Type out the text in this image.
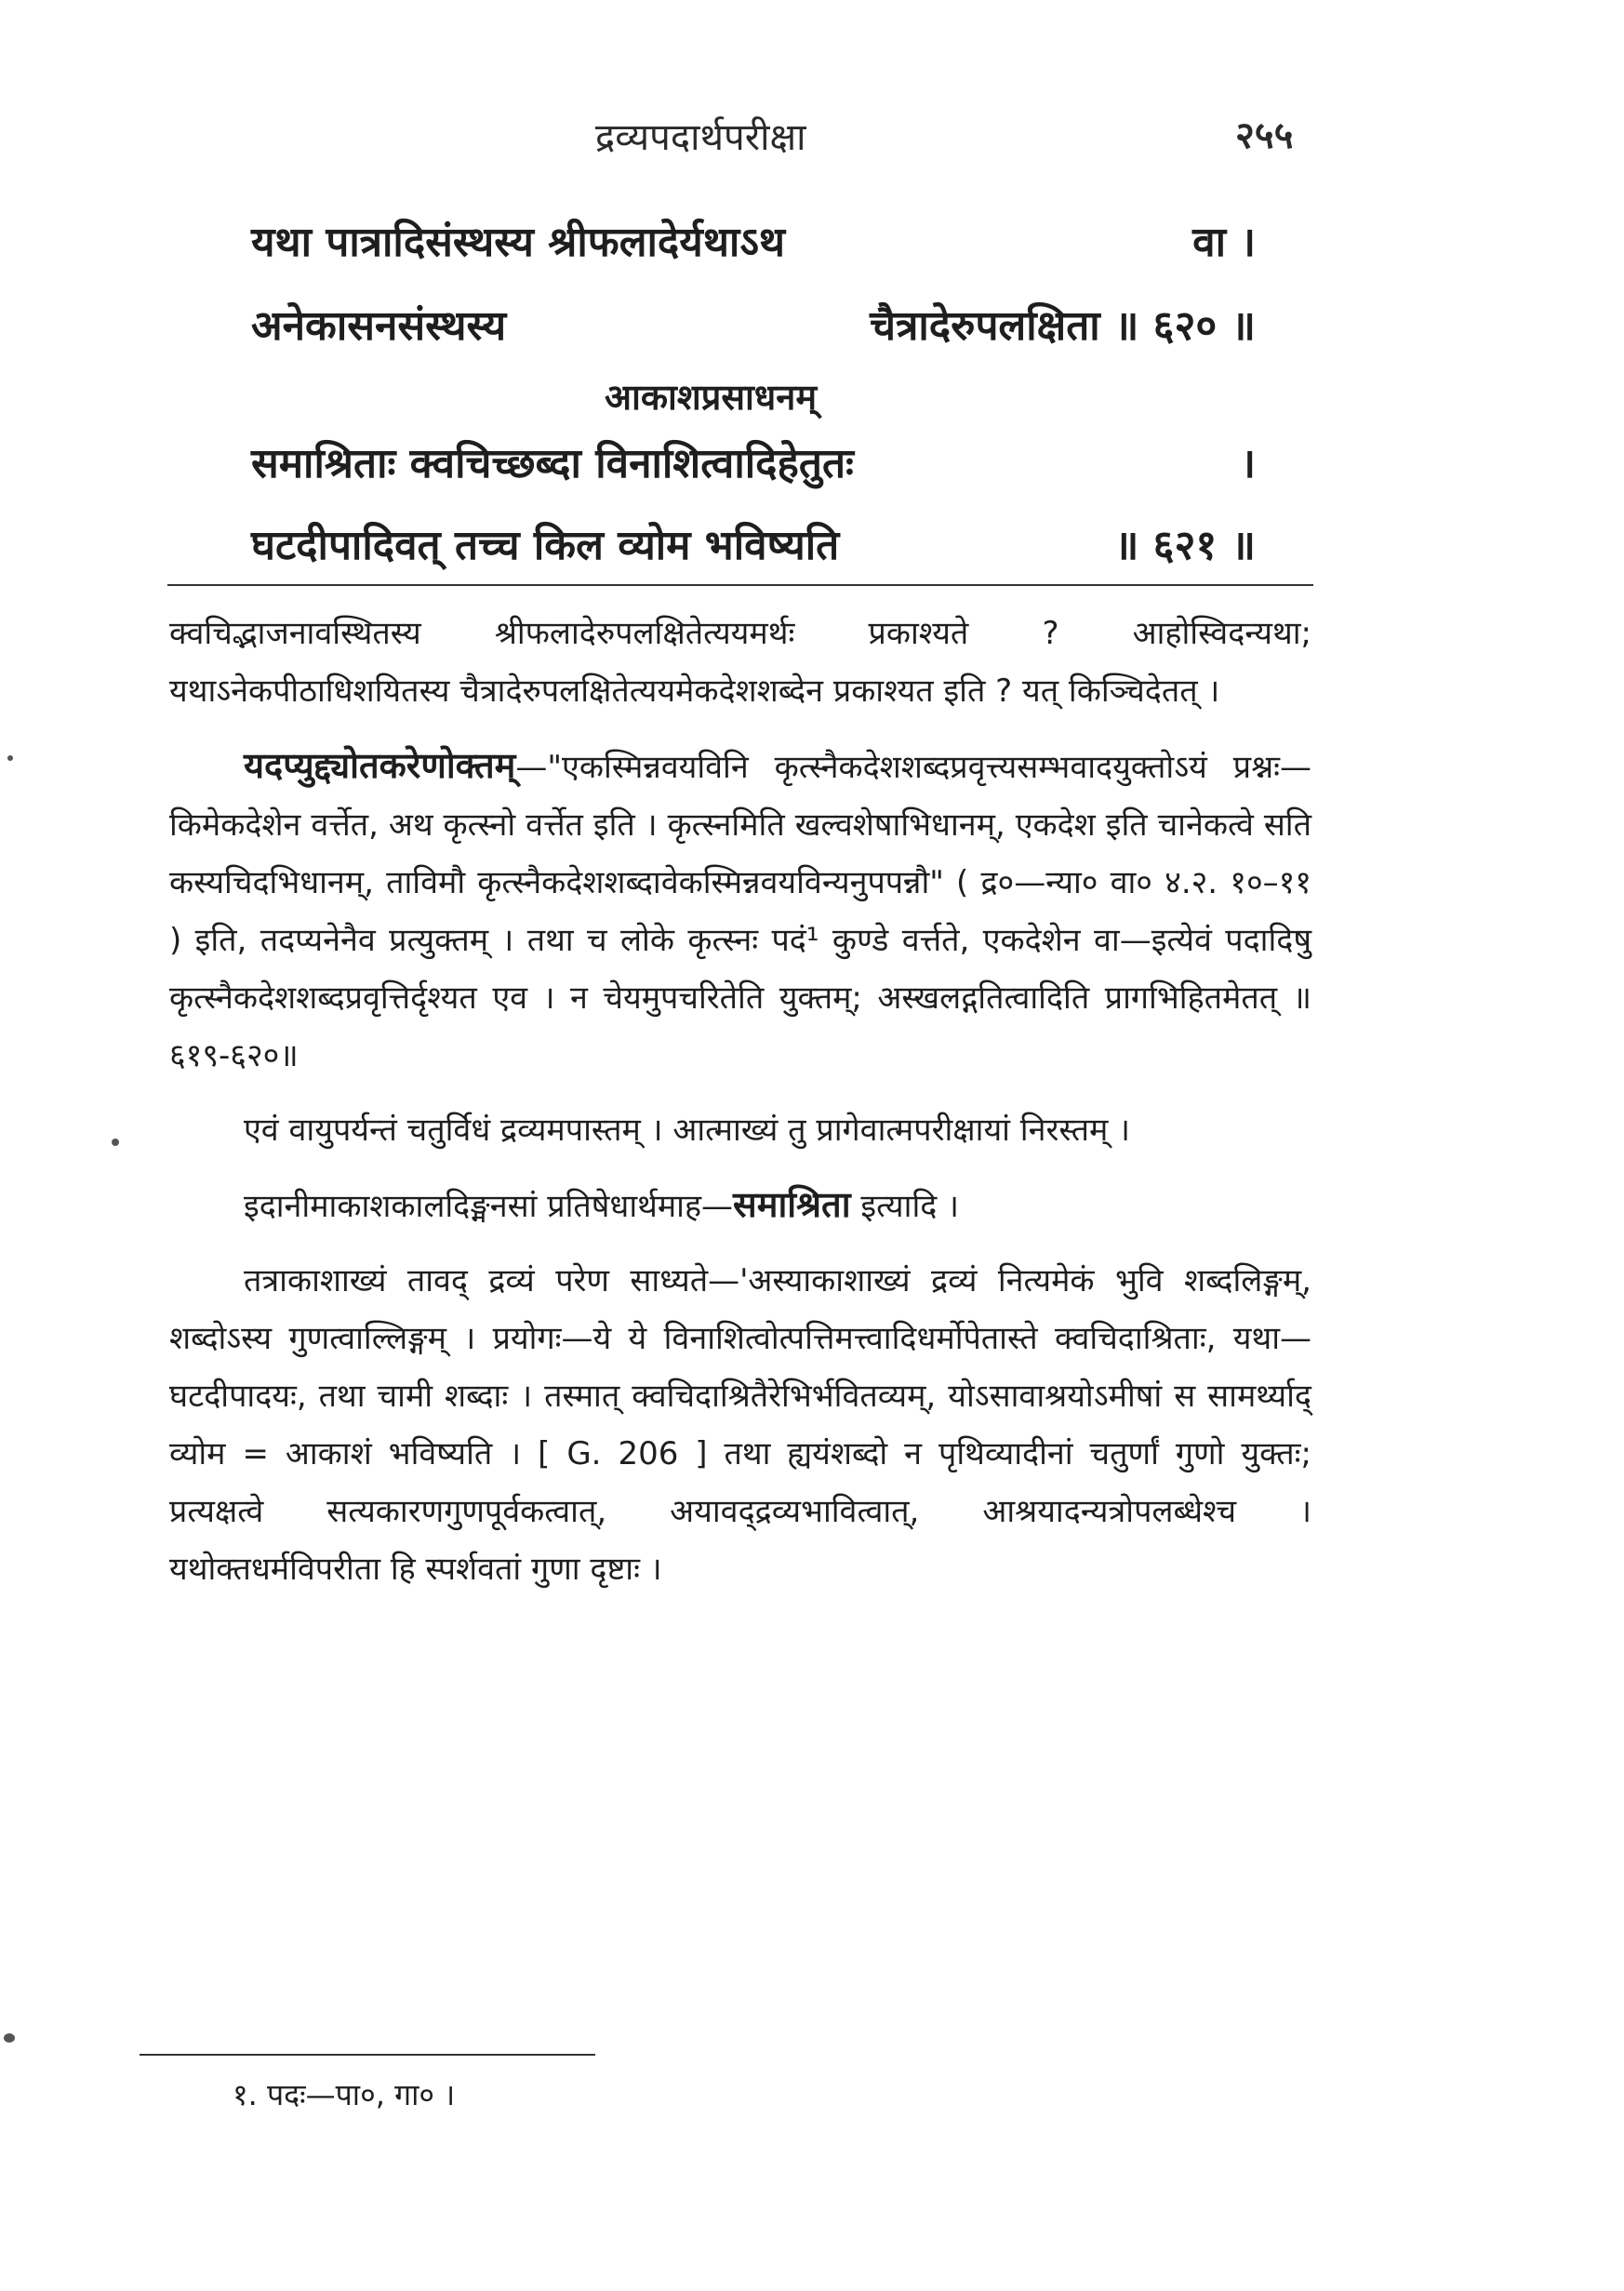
द्रव्यपदार्थपरीक्षा	२५५
यथा पात्रादिसंस्थस्य श्रीफलादेर्यथाऽथ	वा ।
अनेकासनसंस्थस्य	चैत्रादेरुपलक्षिता ॥ ६२० ॥
आकाशप्रसाधनम्
समाश्रिताः क्वचिच्छब्दा विनाशित्वादिहेतुतः	।
घटदीपादिवत् तच्च किल व्योम भविष्यति	॥ ६२१ ॥

क्वचिद्भाजनावस्थितस्य श्रीफलादेरुपलक्षितेत्ययमर्थः प्रकाश्यते ? आहोस्विदन्यथा; यथाऽनेकपीठाधिशयितस्य चैत्रादेरुपलक्षितेत्ययमेकदेशशब्देन प्रकाश्यत इति ? यत् किञ्चिदेतत् ।

यदप्युद्द्योतकरेणोक्तम्—"एकस्मिन्नवयविनि कृत्स्नैकदेशशब्दप्रवृत्त्यसम्भवादयुक्तोऽयं प्रश्नः—किमेकदेशेन वर्त्तेत, अथ कृत्स्नो वर्त्तेत इति । कृत्स्नमिति खल्वशेषाभिधानम्, एकदेश इति चानेकत्वे सति कस्यचिदभिधानम्, ताविमौ कृत्स्नैकदेशशब्दावेकस्मिन्नवयविन्यनुपपन्नौ" ( द्र०—न्या० वा० ४.२. १०–११ ) इति, तदप्यनेनैव प्रत्युक्तम् । तथा च लोके कृत्स्नः पदं¹ कुण्डे वर्त्तते, एकदेशेन वा—इत्येवं पदादिषु कृत्स्नैकदेशशब्दप्रवृत्तिर्दृश्यत एव । न चेयमुपचरितेति युक्तम्; अस्खलद्गतित्वादिति प्रागभिहितमेतत् ॥६१९-६२०॥

एवं वायुपर्यन्तं चतुर्विधं द्रव्यमपास्तम् । आत्माख्यं तु प्रागेवात्मपरीक्षायां निरस्तम् ।

इदानीमाकाशकालदिङ्मनसां प्रतिषेधार्थमाह—समाश्रिता इत्यादि ।

तत्राकाशाख्यं तावद् द्रव्यं परेण साध्यते—'अस्याकाशाख्यं द्रव्यं नित्यमेकं भुवि शब्दलिङ्गम्, शब्दोऽस्य गुणत्वाल्लिङ्गम् । प्रयोगः—ये ये विनाशित्वोत्पत्तिमत्त्वादिधर्मोपेतास्ते क्वचिदाश्रिताः, यथा—घटदीपादयः, तथा चामी शब्दाः । तस्मात् क्वचिदाश्रितैरेभिर्भवितव्यम्, योऽसावाश्रयोऽमीषां स सामर्थ्याद् व्योम = आकाशं भविष्यति । [ G. 206 ] तथा ह्ययंशब्दो न पृथिव्यादीनां चतुर्णां गुणो युक्तः; प्रत्यक्षत्वे सत्यकारणगुणपूर्वकत्वात्, अयावद्द्रव्यभावित्वात्, आश्रयादन्यत्रोपलब्धेश्च । यथोक्तधर्मविपरीता हि स्पर्शवतां गुणा दृष्टाः ।

१. पदः—पा०, गा० ।
